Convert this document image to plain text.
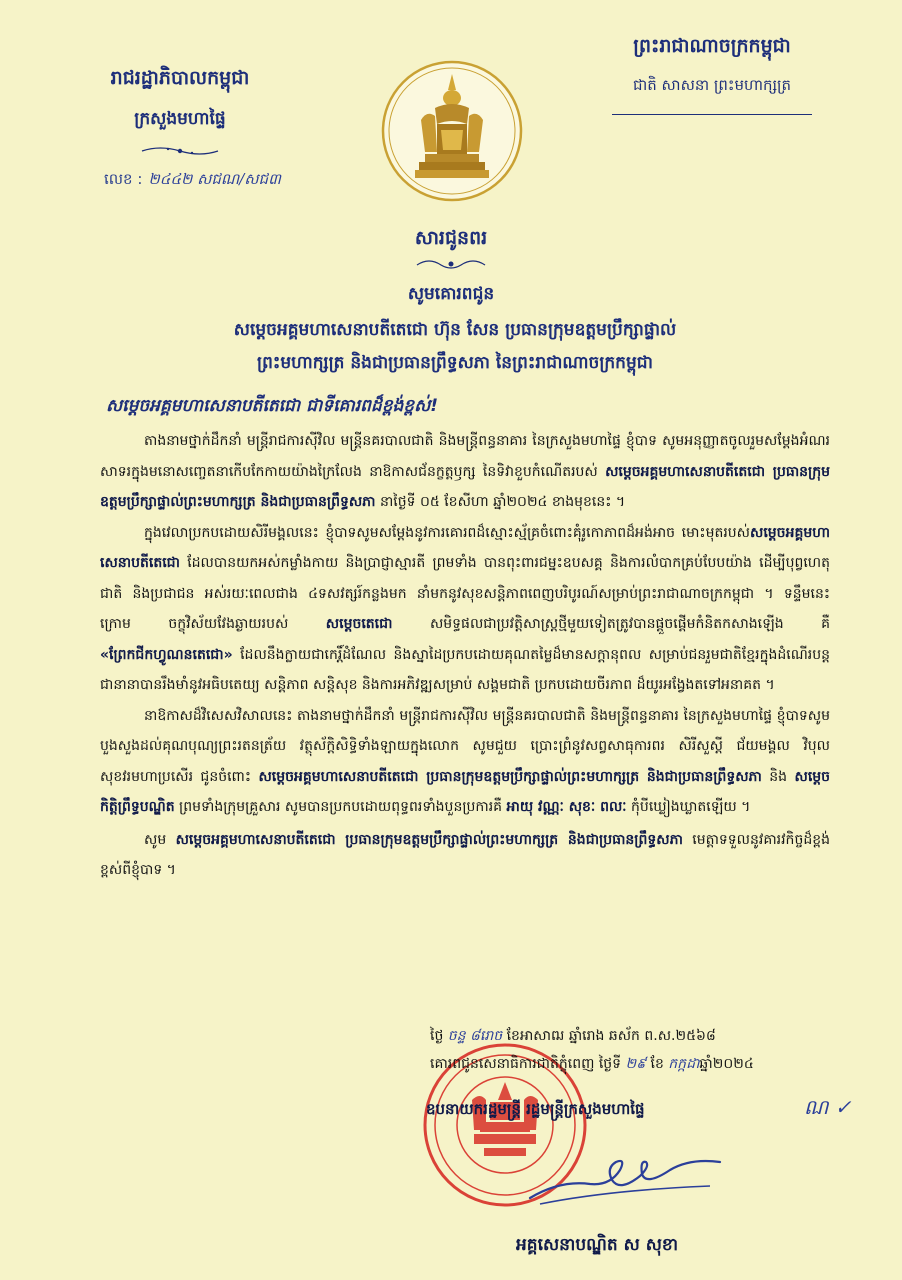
រាជរដ្ឋាភិបាលកម្ពុជា
ក្រសួងមហាផ្ទៃ
លេខ : ២៤៤២ សជណ/សជ៣
ព្រះរាជាណាចក្រកម្ពុជា
ជាតិ សាសនា ព្រះមហាក្សត្រ
សារជូនពរ
សូមគោរពជូន
សម្តេចអគ្គមហាសេនាបតីតេជោ ហ៊ុន សែន ប្រធានក្រុមឧត្តមប្រឹក្សាផ្ទាល់
ព្រះមហាក្សត្រ និងជាប្រធានព្រឹទ្ធសភា នៃព្រះរាជាណាចក្រកម្ពុជា
សម្តេចអគ្គមហាសេនាបតីតេជោ ជាទីគោរពដ៏ខ្ពង់ខ្ពស់!

តាងនាមថ្នាក់ដឹកនាំ មន្ត្រីរាជការស៊ីវិល មន្ត្រីនគរបាលជាតិ និងមន្ត្រីពន្ធនាគារ នៃក្រសួងមហាផ្ទៃ ខ្ញុំបាទ សូមអនុញ្ញាតចូលរួមសម្តែងអំណរសាទរក្នុងមនោសញ្ចេតនាកើបកែកាយយ៉ាងក្រៃលែង នាឱកាសជ័នក្ខត្តឫក្ស នៃទិវាខួបកំណើតរបស់ សម្តេចអគ្គមហាសេនាបតីតេជោ ប្រធានក្រុមឧត្តមប្រឹក្សាផ្ទាល់ព្រះមហាក្សត្រ និងជាប្រធានព្រឹទ្ធសភា នាថ្ងៃទី ០៥ ខែសីហា ឆ្នាំ២០២៤ ខាងមុខនេះ ។

ក្នុងវេលាប្រកបដោយសិរីមង្គលនេះ ខ្ញុំបាទសូមសម្តែងនូវការគោរពដ៏ស្មោះស្ម័គ្រចំពោះគុំរូកោភាពដ៏អង់អាច មោះមុតរបស់សម្តេចអគ្គមហាសេនាបតីតេជោ ដែលបានយកអស់កម្លាំងកាយ និងប្រាជ្ញាស្មារតី ព្រមទាំង បានពុះពារជម្នះឧបសគ្គ និងការលំបាកគ្រប់បែបយ៉ាង ដើម្បីបុព្វហេតុជាតិ និងប្រជាជន អស់រយៈពេលជាង ៤ទសវត្សរ៍កន្លងមក នាំមកនូវសុខសន្តិភាពពេញបរិបូរណ៍សម្រាប់ព្រះរាជាណាចក្រកម្ពុជា ។ ទន្ទឹមនេះ ក្រោម ចក្ខុវិស័យវែងឆ្ងាយរបស់	សម្តេចតេជោ	សមិទ្ធផលជាប្រវត្តិសាស្ត្រថ្មីមួយទៀតត្រូវបានផ្តួចផ្តើមកំនិតកសាងឡើង គឺ «ព្រែកជីកហ្វូណនតេជោ» ដែលនឹងក្លាយជាកេរ្តិ៍ដំណែល និងស្នាដៃប្រកបដោយគុណតម្លៃដ៏មានសក្តានុពល សម្រាប់ជនរួមជាតិខ្មែរក្នុងដំណើរបន្តជានានាបានរឹងមាំនូវអធិបតេយ្យ សន្តិភាព សន្តិសុខ និងការអភិវឌ្ឍសម្រាប់ សង្គមជាតិ ប្រកបដោយចីរភាព ដ៏យូរអង្វែងតទៅអនាគត ។

នាឱកាសដ៏វិសេសវិសាលនេះ តាងនាមថ្នាក់ដឹកនាំ មន្ត្រីរាជការស៊ីវិល មន្ត្រីនគរបាលជាតិ និងមន្ត្រីពន្ធនាគារ នៃក្រសួងមហាផ្ទៃ ខ្ញុំបាទសូមបួងសួងដល់គុណបុណ្យព្រះរតនត្រ័យ វត្ថុស័ក្តិសិទ្ធិទាំងឡាយក្នុងលោក សូមជួយ ប្រោះព្រំនូវសព្វសាធុការពរ សិរីសួស្តី ជ័យមង្គល វិបុលសុខវរមហាប្រសើរ ជូនចំពោះ សម្តេចអគ្គមហាសេនាបតីតេជោ ប្រធានក្រុមឧត្តមប្រឹក្សាផ្ទាល់ព្រះមហាក្សត្រ និងជាប្រធានព្រឹទ្ធសភា និង សម្តេចកិត្តិព្រឹទ្ធបណ្ឌិត ព្រមទាំងក្រុមគ្រួសារ សូមបានប្រកបដោយពុទ្ធពរទាំងបួនប្រការគឺ អាយុ វណ្ណៈ សុខៈ ពលៈ កុំបីឃ្លៀងឃ្លាតឡើយ ។

សូម សម្តេចអគ្គមហាសេនាបតីតេជោ ប្រធានក្រុមឧត្តមប្រឹក្សាផ្ទាល់ព្រះមហាក្សត្រ និងជាប្រធានព្រឹទ្ធសភា មេត្តាទទួលនូវគារវកិច្ចដ៏ខ្ពង់ខ្ពស់ពីខ្ញុំបាទ ។

ថ្ងៃ ចន្ទ ៨រោច ខែអាសាឍ ឆ្នាំរោង ឆស័ក ព.ស.២៥៦៨
គោរពជូនសេនាធិការជាតិក្ខុំពេញ ថ្ងៃទី ២៩ ខែ កក្កដាឆ្នាំ២០២៤
ឧបនាយករដ្ឋមន្ត្រី រដ្ឋមន្ត្រីក្រសួងមហាផ្ទៃ	ណ ✓
អគ្គសេនាបណ្ឌិត ស សុខា
